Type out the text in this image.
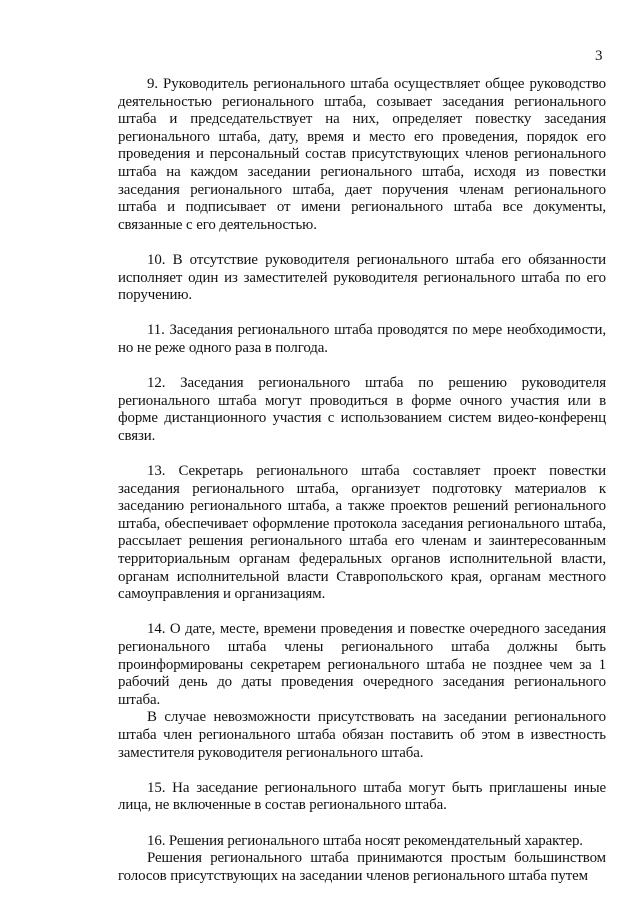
3

9. Руководитель регионального штаба осуществляет общее руководство деятельностью регионального штаба, созывает заседания регионального штаба и председательствует на них, определяет повестку заседания регионального штаба, дату, время и место его проведения, порядок его проведения и персональный состав присутствующих членов регионального штаба на каждом заседании регионального штаба, исходя из повестки заседания регионального штаба, дает поручения членам регионального штаба и подписывает от имени регионального штаба все документы, связанные с его деятельностью.

10. В отсутствие руководителя регионального штаба его обязанности исполняет один из заместителей руководителя регионального штаба по его поручению.

11. Заседания регионального штаба проводятся по мере необходимости, но не реже одного раза в полгода.

12. Заседания регионального штаба по решению руководителя регионального штаба могут проводиться в форме очного участия или в форме дистанционного участия с использованием систем видео-конференц связи.

13. Секретарь регионального штаба составляет проект повестки заседания регионального штаба, организует подготовку материалов к заседанию регионального штаба, а также проектов решений регионального штаба, обеспечивает оформление протокола заседания регионального штаба, рассылает решения регионального штаба его членам и заинтересованным территориальным органам федеральных органов исполнительной власти, органам исполнительной власти Ставропольского края, органам местного самоуправления и организациям.

14. О дате, месте, времени проведения и повестке очередного заседания регионального штаба члены регионального штаба должны быть проинформированы секретарем регионального штаба не позднее чем за 1 рабочий день до даты проведения очередного заседания регионального штаба.

В случае невозможности присутствовать на заседании регионального штаба член регионального штаба обязан поставить об этом в известность заместителя руководителя регионального штаба.

15. На заседание регионального штаба могут быть приглашены иные лица, не включенные в состав регионального штаба.

16. Решения регионального штаба носят рекомендательный характер.

Решения регионального штаба принимаются простым большинством голосов присутствующих на заседании членов регионального штаба путем
